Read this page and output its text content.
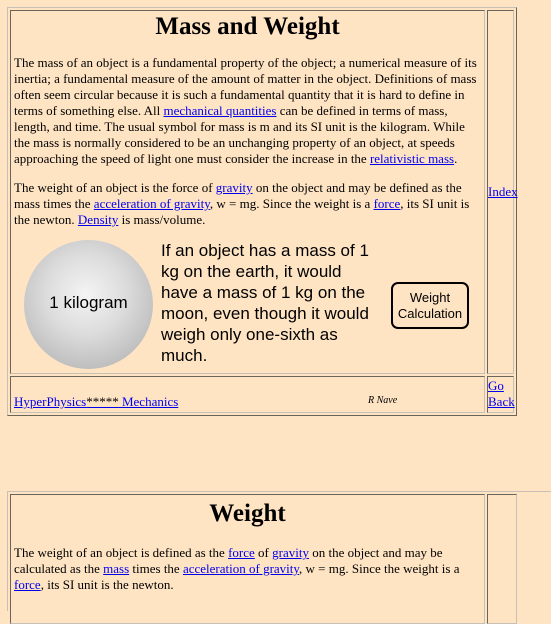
Mass and Weight

The mass of an object is a fundamental property of the object; a numerical measure of its inertia; a fundamental measure of the amount of matter in the object. Definitions of mass often seem circular because it is such a fundamental quantity that it is hard to define in terms of something else. All mechanical quantities can be defined in terms of mass, length, and time. The usual symbol for mass is m and its SI unit is the kilogram. While the mass is normally considered to be an unchanging property of an object, at speeds approaching the speed of light one must consider the increase in the relativistic mass.

The weight of an object is the force of gravity on the object and may be defined as the mass times the acceleration of gravity, w = mg. Since the weight is a force, its SI unit is the newton. Density is mass/volume.

1 kilogram

If an object has a mass of 1 kg on the earth, it would have a mass of 1 kg on the moon, even though it would weigh only one-sixth as much.

Weight Calculation
Index
HyperPhysics***** Mechanics	R Nave
Go Back
Weight

The weight of an object is defined as the force of gravity on the object and may be calculated as the mass times the acceleration of gravity, w = mg. Since the weight is a force, its SI unit is the newton.
